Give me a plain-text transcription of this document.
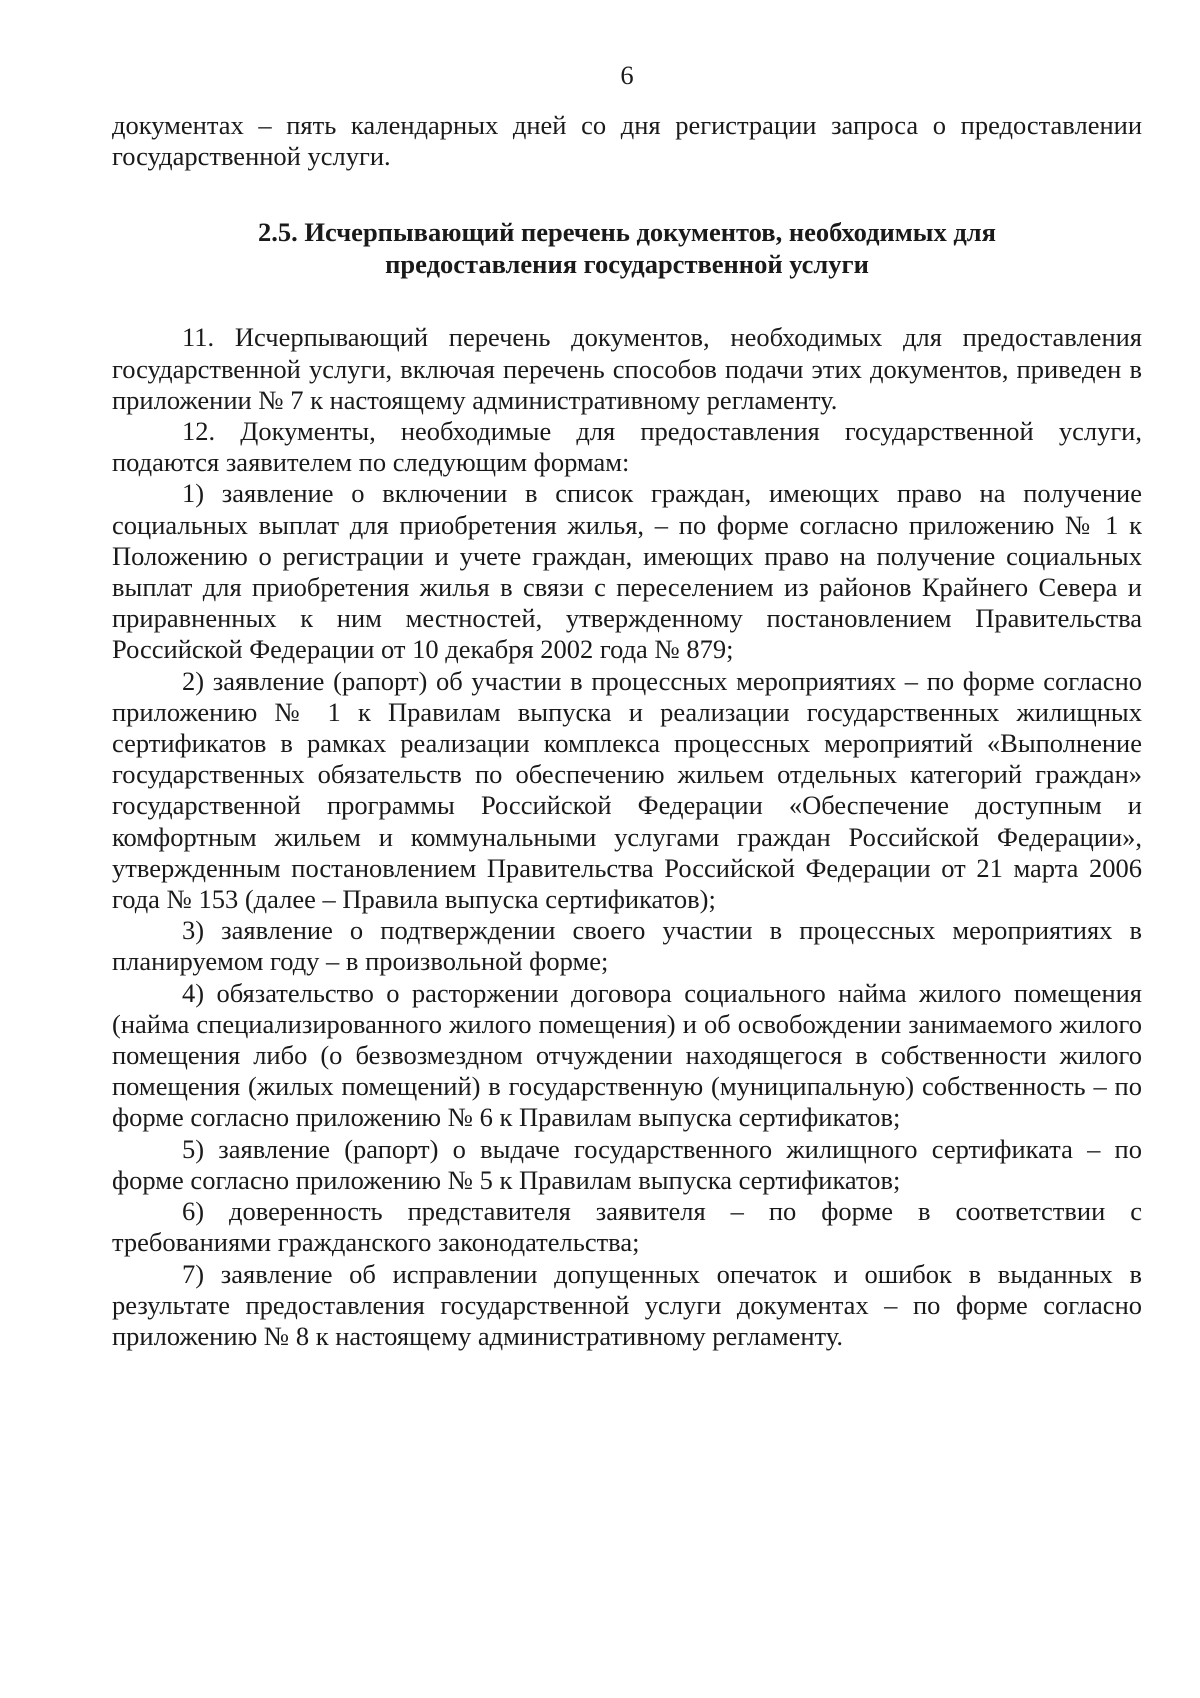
6

документах – пять календарных дней со дня регистрации запроса о предоставлении государственной услуги.

2.5. Исчерпывающий перечень документов, необходимых для
предоставления государственной услуги

11. Исчерпывающий перечень документов, необходимых для предоставления государственной услуги, включая перечень способов подачи этих документов, приведен в приложении № 7 к настоящему административному регламенту.

12. Документы, необходимые для предоставления государственной услуги, подаются заявителем по следующим формам:

1) заявление о включении в список граждан, имеющих право на получение социальных выплат для приобретения жилья, – по форме согласно приложению № 1 к Положению о регистрации и учете граждан, имеющих право на получение социальных выплат для приобретения жилья в связи с переселением из районов Крайнего Севера и приравненных к ним местностей, утвержденному постановлением Правительства Российской Федерации от 10 декабря 2002 года № 879;

2) заявление (рапорт) об участии в процессных мероприятиях – по форме согласно приложению № 1 к Правилам выпуска и реализации государственных жилищных сертификатов в рамках реализации комплекса процессных мероприятий «Выполнение государственных обязательств по обеспечению жильем отдельных категорий граждан» государственной программы Российской Федерации «Обеспечение доступным и комфортным жильем и коммунальными услугами граждан Российской Федерации», утвержденным постановлением Правительства Российской Федерации от 21 марта 2006 года № 153 (далее – Правила выпуска сертификатов);

3) заявление о подтверждении своего участии в процессных мероприятиях в планируемом году – в произвольной форме;

4) обязательство о расторжении договора социального найма жилого помещения (найма специализированного жилого помещения) и об освобождении занимаемого жилого помещения либо (о безвозмездном отчуждении находящегося в собственности жилого помещения (жилых помещений) в государственную (муниципальную) собственность – по форме согласно приложению № 6 к Правилам выпуска сертификатов;

5) заявление (рапорт) о выдаче государственного жилищного сертификата – по форме согласно приложению № 5 к Правилам выпуска сертификатов;

6) доверенность представителя заявителя – по форме в соответствии с требованиями гражданского законодательства;

7) заявление об исправлении допущенных опечаток и ошибок в выданных в результате предоставления государственной услуги документах – по форме согласно приложению № 8 к настоящему административному регламенту.
